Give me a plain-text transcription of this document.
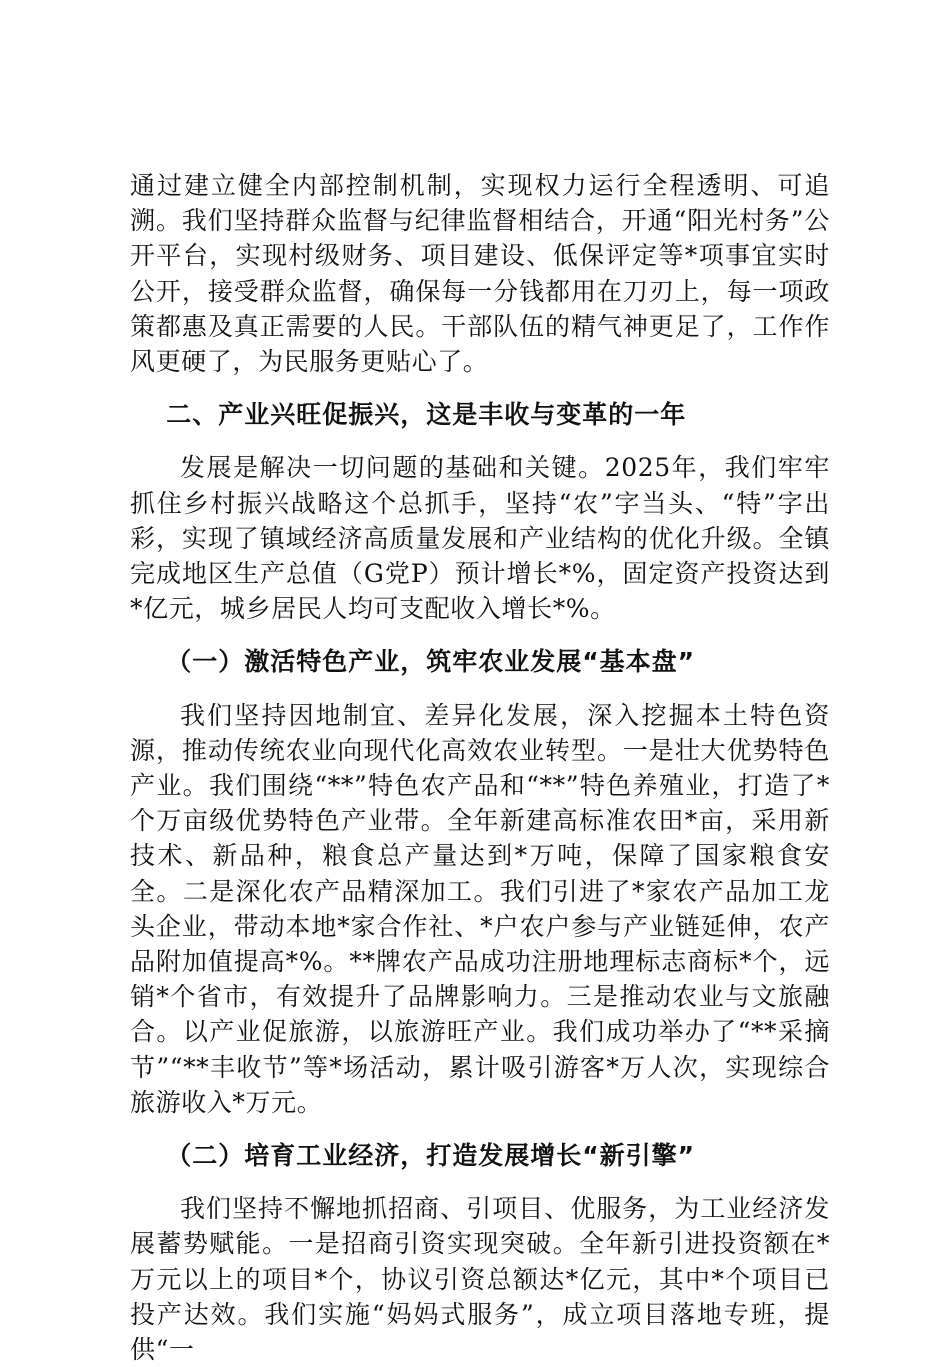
通过建立健全内部控制机制，实现权力运行全程透明、可追溯。我们坚持群众监督与纪律监督相结合，开通“阳光村务”公开平台，实现村级财务、项目建设、低保评定等*项事宜实时公开，接受群众监督，确保每一分钱都用在刀刃上，每一项政策都惠及真正需要的人民。干部队伍的精气神更足了，工作作风更硬了，为民服务更贴心了。

二、产业兴旺促振兴，这是丰收与变革的一年

发展是解决一切问题的基础和关键。2025年，我们牢牢抓住乡村振兴战略这个总抓手，坚持“农”字当头、“特”字出彩，实现了镇域经济高质量发展和产业结构的优化升级。全镇完成地区生产总值（G党P）预计增长*%，固定资产投资达到*亿元，城乡居民人均可支配收入增长*%。

（一）激活特色产业，筑牢农业发展“基本盘”

我们坚持因地制宜、差异化发展，深入挖掘本土特色资源，推动传统农业向现代化高效农业转型。一是壮大优势特色产业。我们围绕“**”特色农产品和“**”特色养殖业，打造了*个万亩级优势特色产业带。全年新建高标准农田*亩，采用新技术、新品种，粮食总产量达到*万吨，保障了国家粮食安全。二是深化农产品精深加工。我们引进了*家农产品加工龙头企业，带动本地*家合作社、*户农户参与产业链延伸，农产品附加值提高*%。**牌农产品成功注册地理标志商标*个，远销*个省市，有效提升了品牌影响力。三是推动农业与文旅融合。以产业促旅游，以旅游旺产业。我们成功举办了“**采摘节”“**丰收节”等*场活动，累计吸引游客*万人次，实现综合旅游收入*万元。

（二）培育工业经济，打造发展增长“新引擎”

我们坚持不懈地抓招商、引项目、优服务，为工业经济发展蓄势赋能。一是招商引资实现突破。全年新引进投资额在*万元以上的项目*个，协议引资总额达*亿元，其中*个项目已投产达效。我们实施“妈妈式服务”，成立项目落地专班，提供“一
